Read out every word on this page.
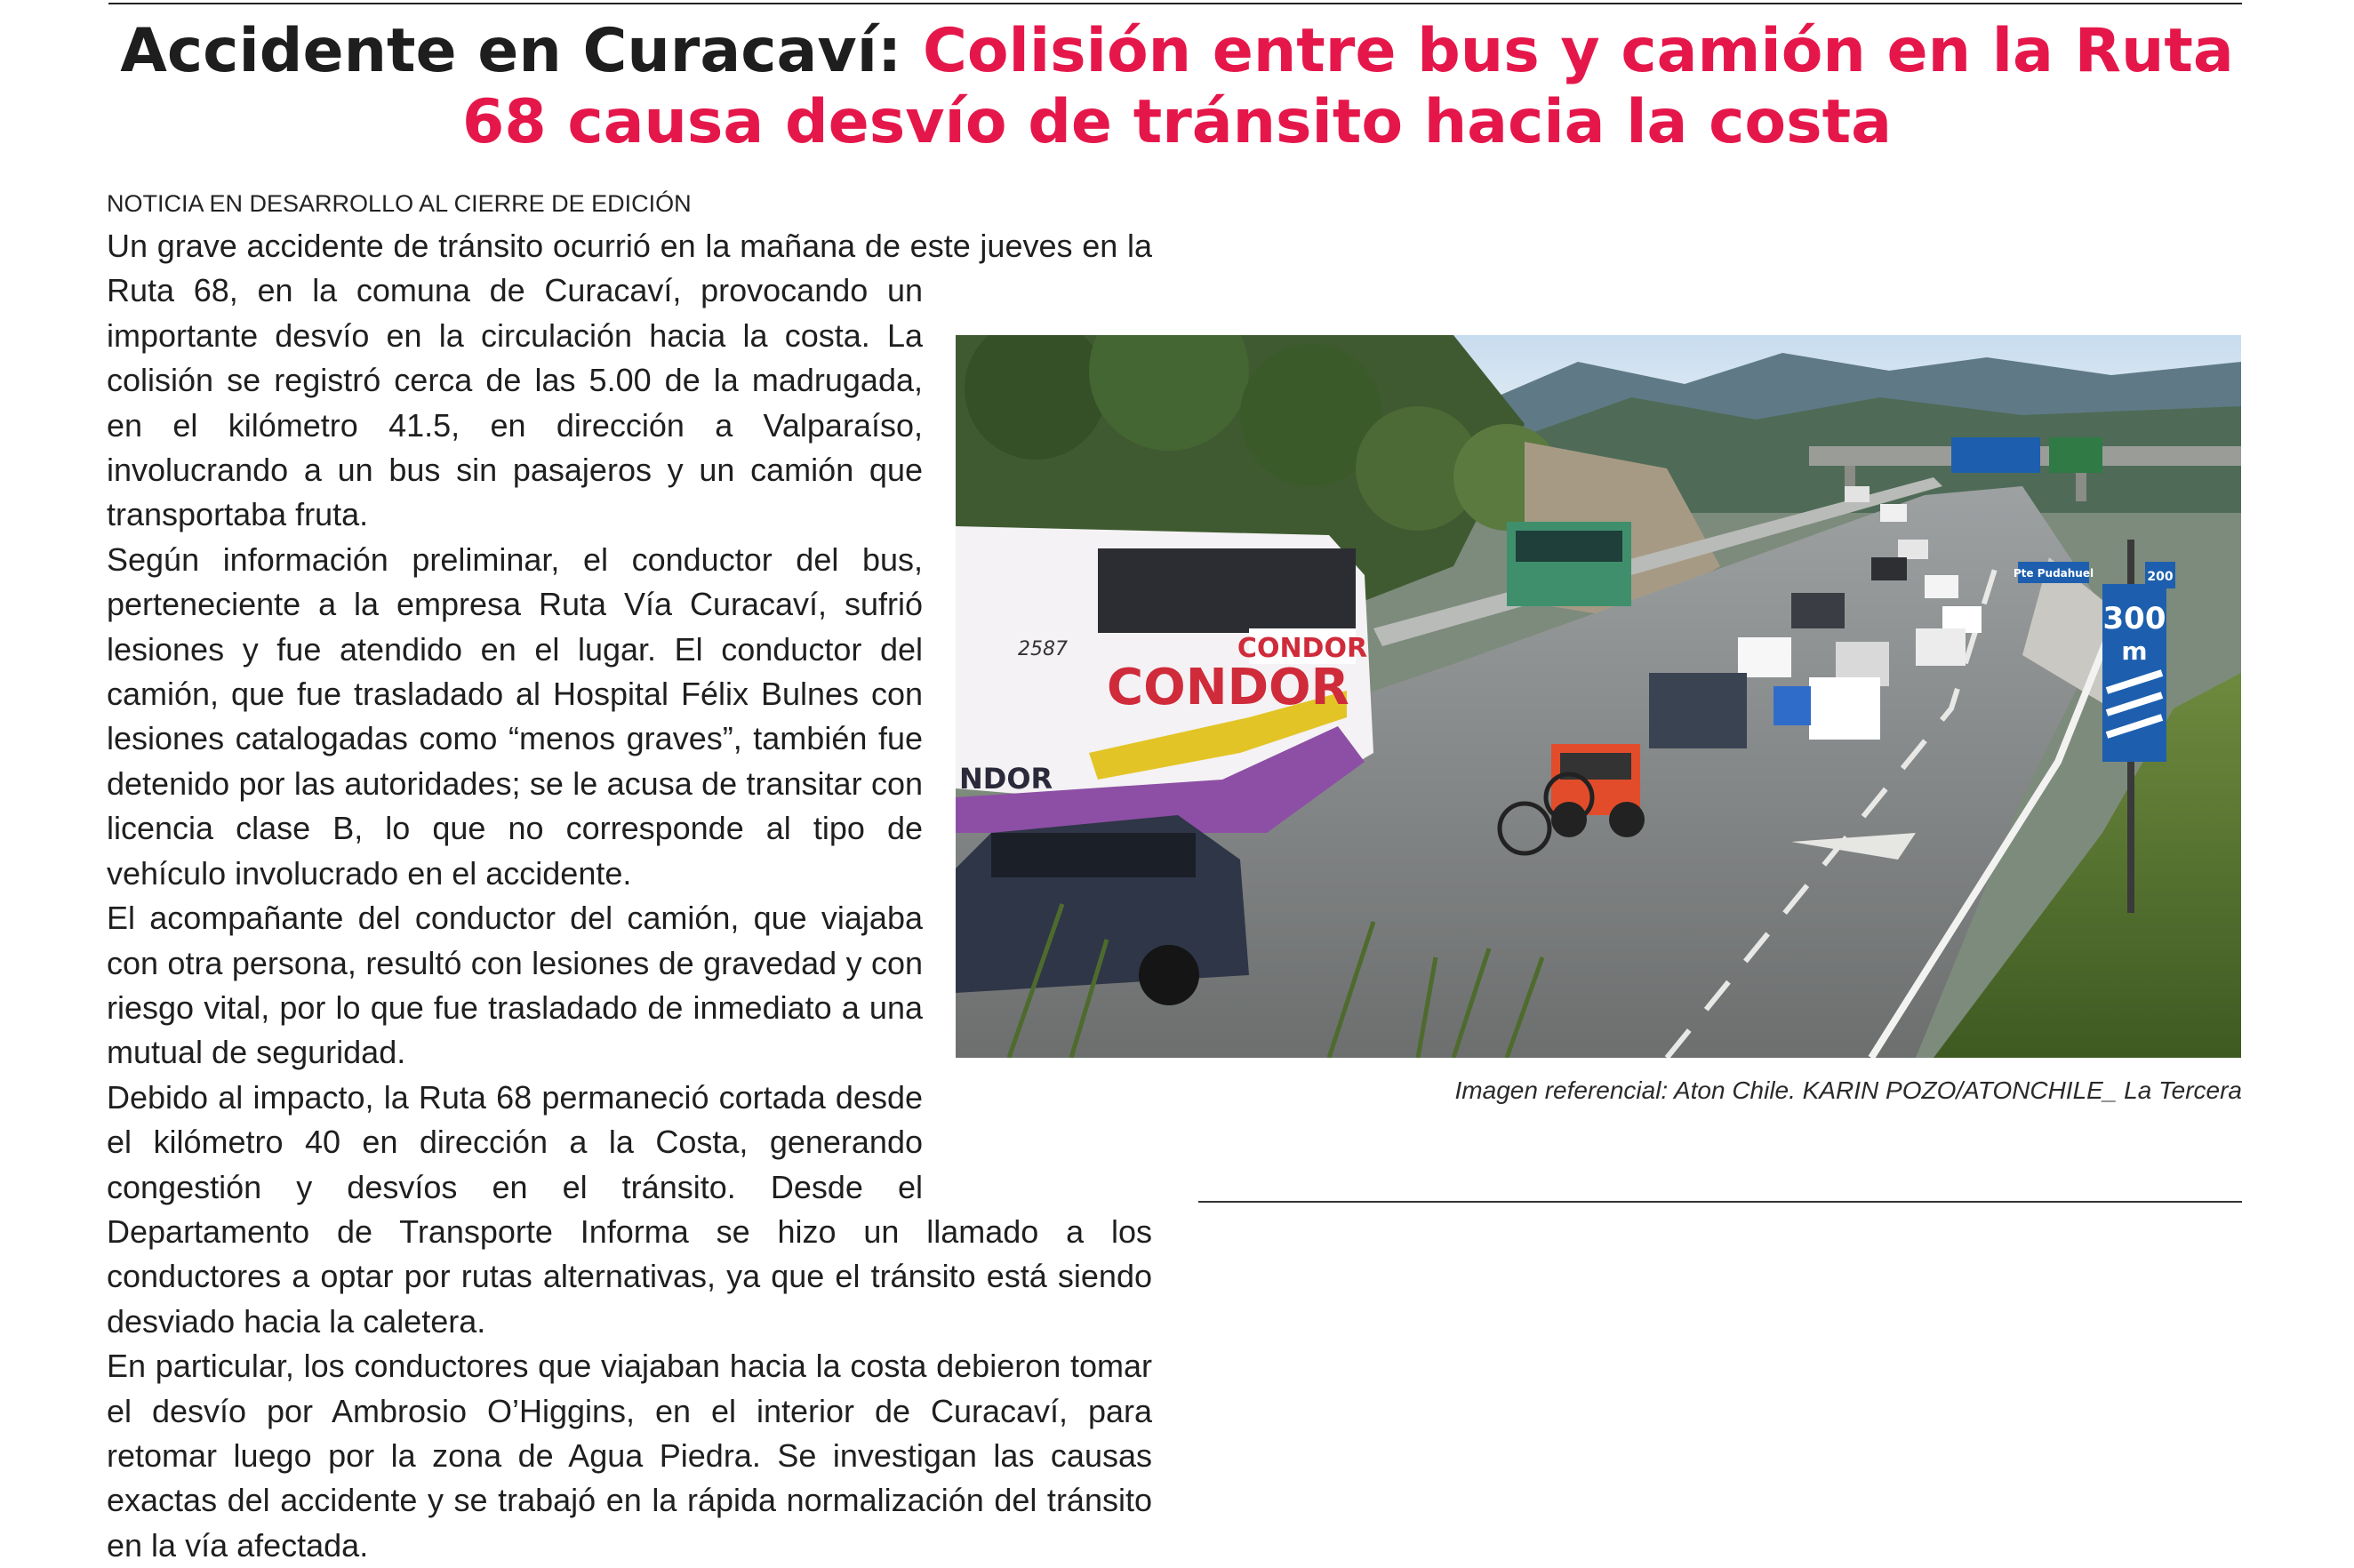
Accidente en Curacaví: Colisión entre bus y camión en la Ruta 68 causa desvío de tránsito hacia la costa
NOTICIA EN DESARROLLO AL CIERRE DE EDICIÓN

Un grave accidente de tránsito ocurrió en la mañana de este jueves en la Ruta 68, en la comuna de Curacaví, provocando un importante desvío en la circulación hacia la costa. La colisión se registró cerca de las 5.00 de la madrugada, en el kilómetro 41.5, en dirección a Valparaíso, involucrando a un bus sin pasajeros y un camión que transportaba fruta.

Según información preliminar, el conductor del bus, perteneciente a la empresa Ruta Vía Curacaví, sufrió lesiones y fue atendido en el lugar. El conductor del camión, que fue trasladado al Hospital Félix Bulnes con lesiones catalogadas como “menos graves”, también fue detenido por las autoridades; se le acusa de transitar con licencia clase B, lo que no corresponde al tipo de vehículo involucrado en el accidente.

El acompañante del conductor del camión, que viajaba con otra persona, resultó con lesiones de gravedad y con riesgo vital, por lo que fue trasladado de inmediato a una mutual de seguridad.

Debido al impacto, la Ruta 68 permaneció cortada desde el kilómetro 40 en dirección a la Costa, generando congestión y desvíos en el tránsito. Desde el Departamento de Transporte Informa se hizo un llamado a los conductores a optar por rutas alternativas, ya que el tránsito está siendo desviado hacia la caletera.

En particular, los conductores que viajaban hacia la costa debieron tomar el desvío por Ambrosio O’Higgins, en el interior de Curacaví, para retomar luego por la zona de Agua Piedra. Se investigan las causas exactas del accidente y se trabajó en la rápida normalización del tránsito en la vía afectada.

CONDOR
CONDOR
2587
NDOR
300
m
200
Pte Pudahuel
Imagen referencial: Aton Chile. KARIN POZO/ATONCHILE_ La Tercera
